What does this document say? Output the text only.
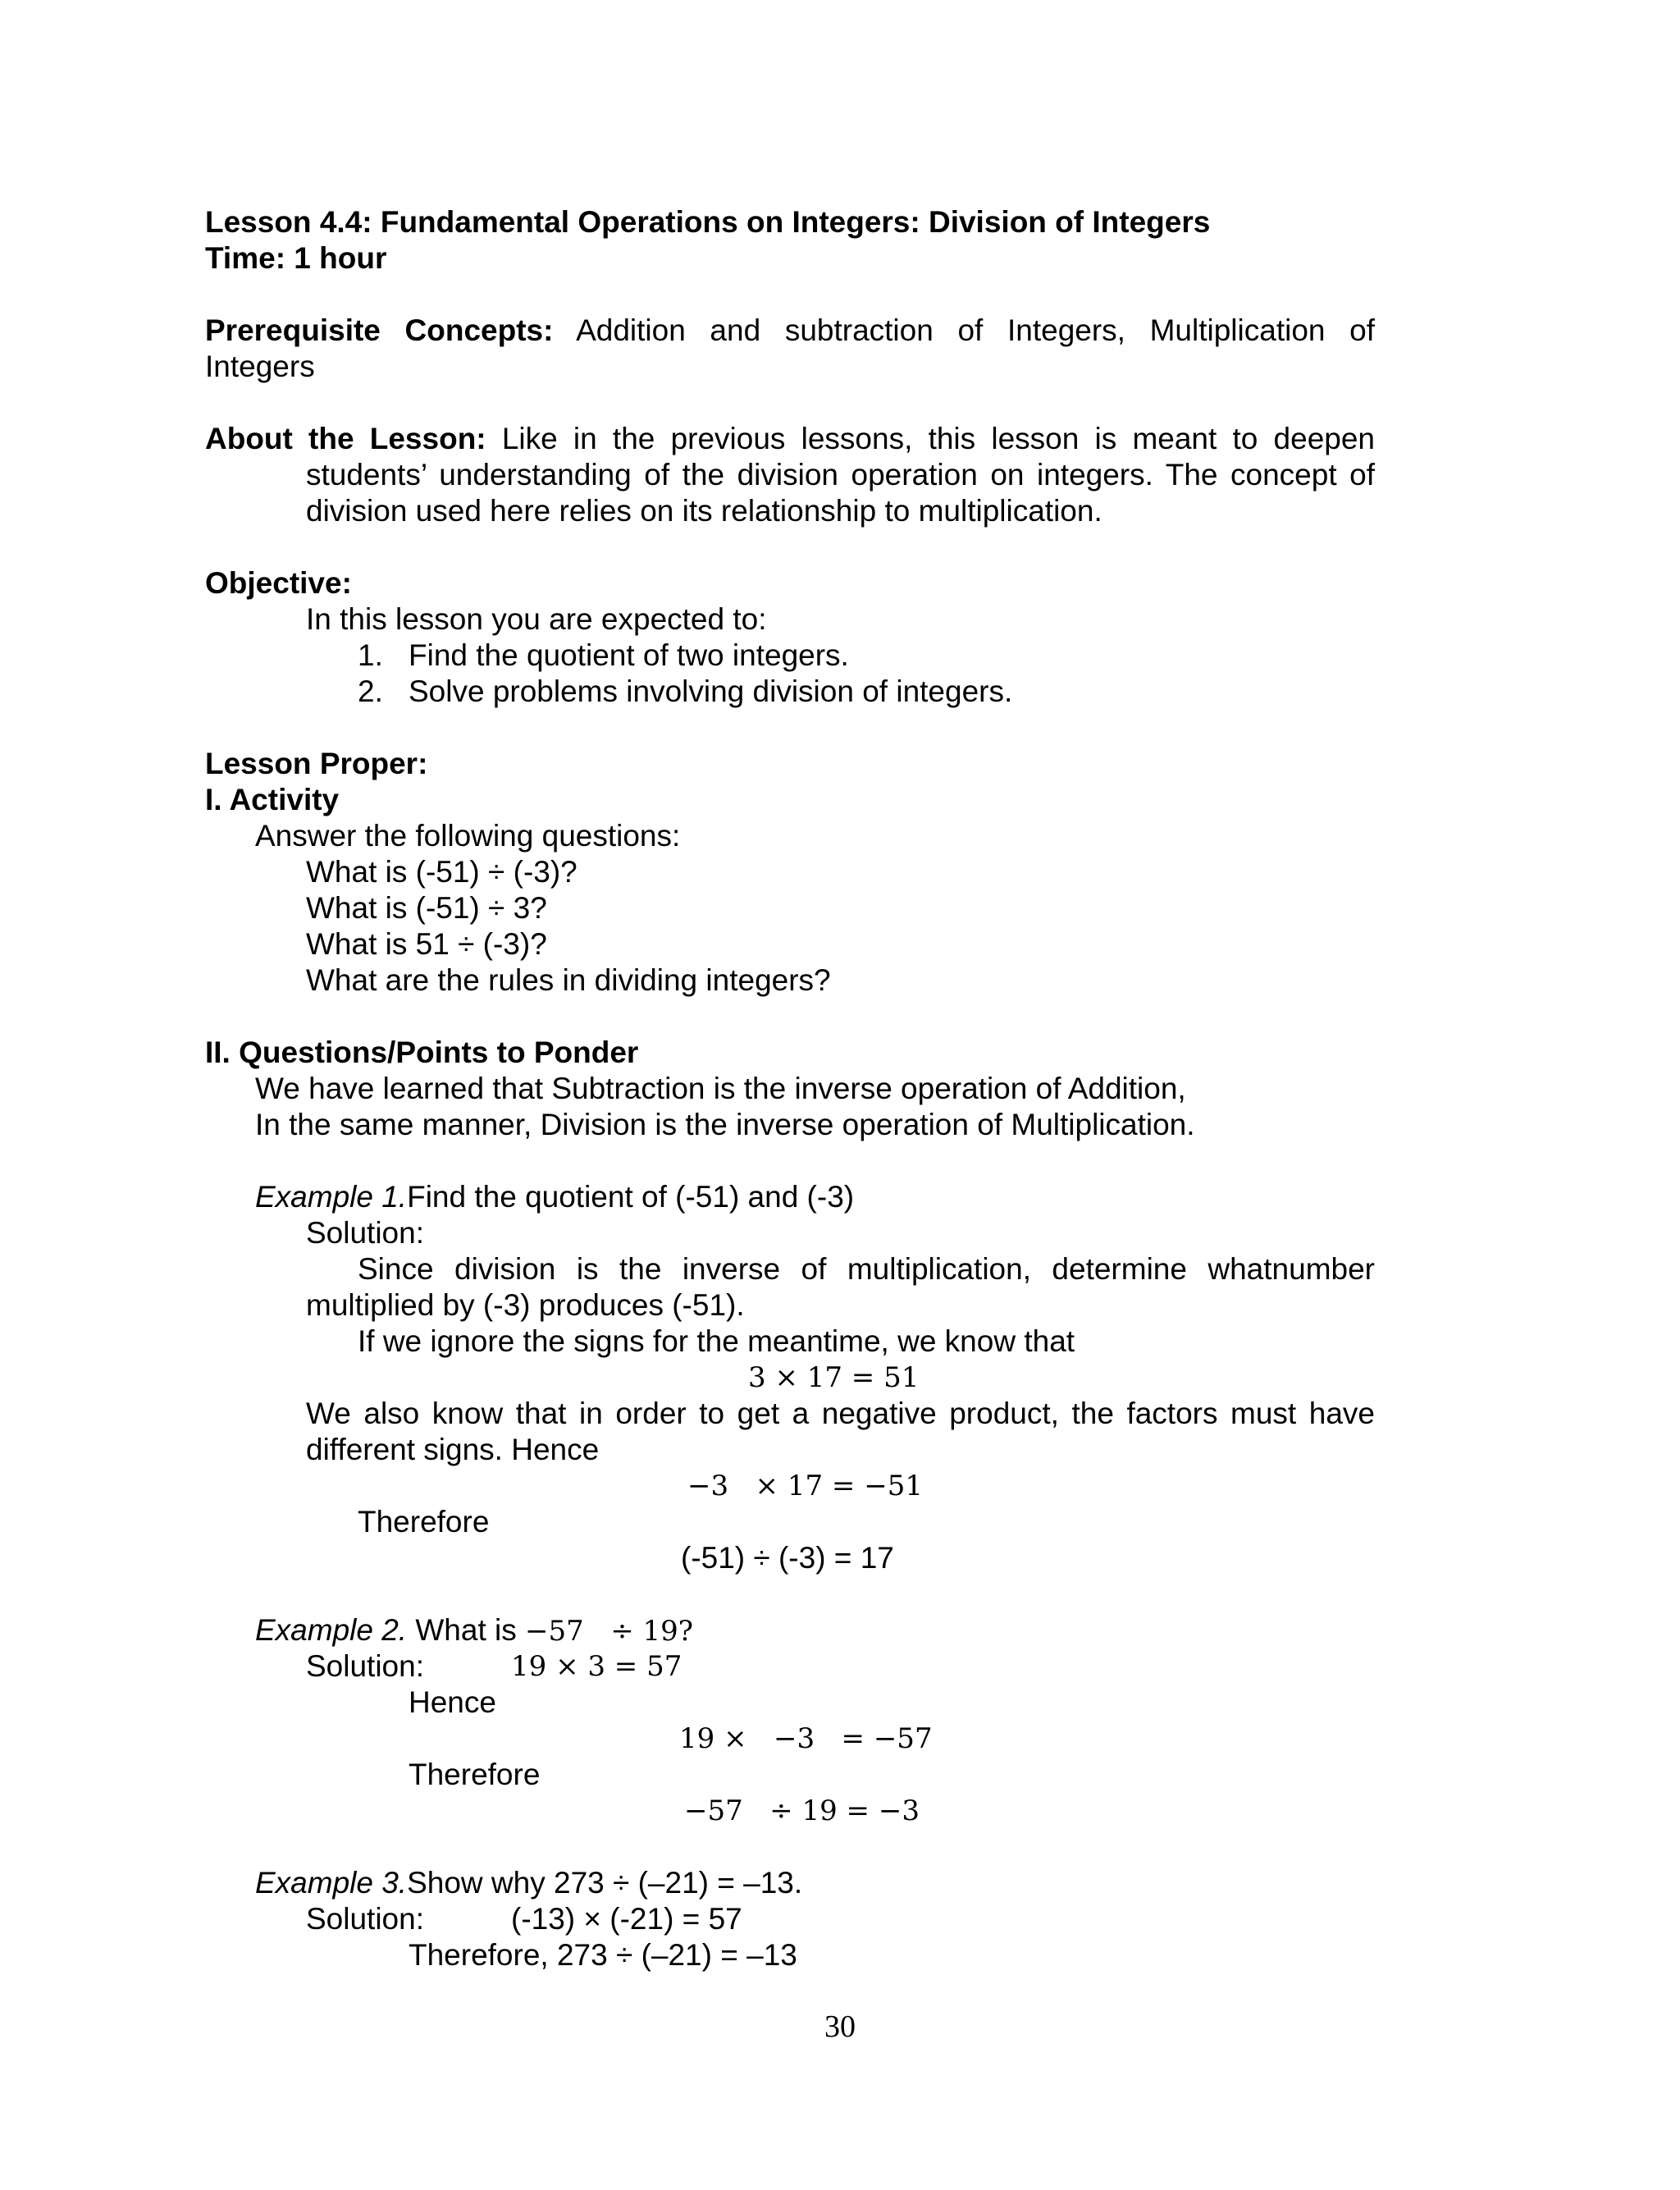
Lesson 4.4: Fundamental Operations on Integers: Division of Integers
Time: 1 hour
Prerequisite Concepts: Addition and subtraction of Integers, Multiplication of
Integers
About the Lesson: Like in the previous lessons, this lesson is meant to deepen
students’ understanding of the division operation on integers. The concept of
division used here relies on its relationship to multiplication.
Objective:
In this lesson you are expected to:
1. Find the quotient of two integers.
2. Solve problems involving division of integers.
Lesson Proper:
I. Activity
Answer the following questions:
What is (-51) ÷ (-3)?
What is (-51) ÷ 3?
What is 51 ÷ (-3)?
What are the rules in dividing integers?
II. Questions/Points to Ponder
We have learned that Subtraction is the inverse operation of Addition,
In the same manner, Division is the inverse operation of Multiplication.
Example 1.Find the quotient of (-51) and (-3)
Solution:
Since division is the inverse of multiplication, determine whatnumber
multiplied by (-3) produces (-51).
If we ignore the signs for the meantime, we know that
3 × 17 = 51
We also know that in order to get a negative product, the factors must have
different signs. Hence
−3   × 17 = −51
Therefore
(-51) ÷ (-3) = 17
Example 2. What is −57   ÷ 19?
Solution:	19 × 3 = 57
Hence
19 ×   −3   = −57
Therefore
−57   ÷ 19 = −3
Example 3.Show why 273 ÷ (–21) = –13.
Solution:	(-13) × (-21) = 57
Therefore, 273 ÷ (–21) = –13
30
